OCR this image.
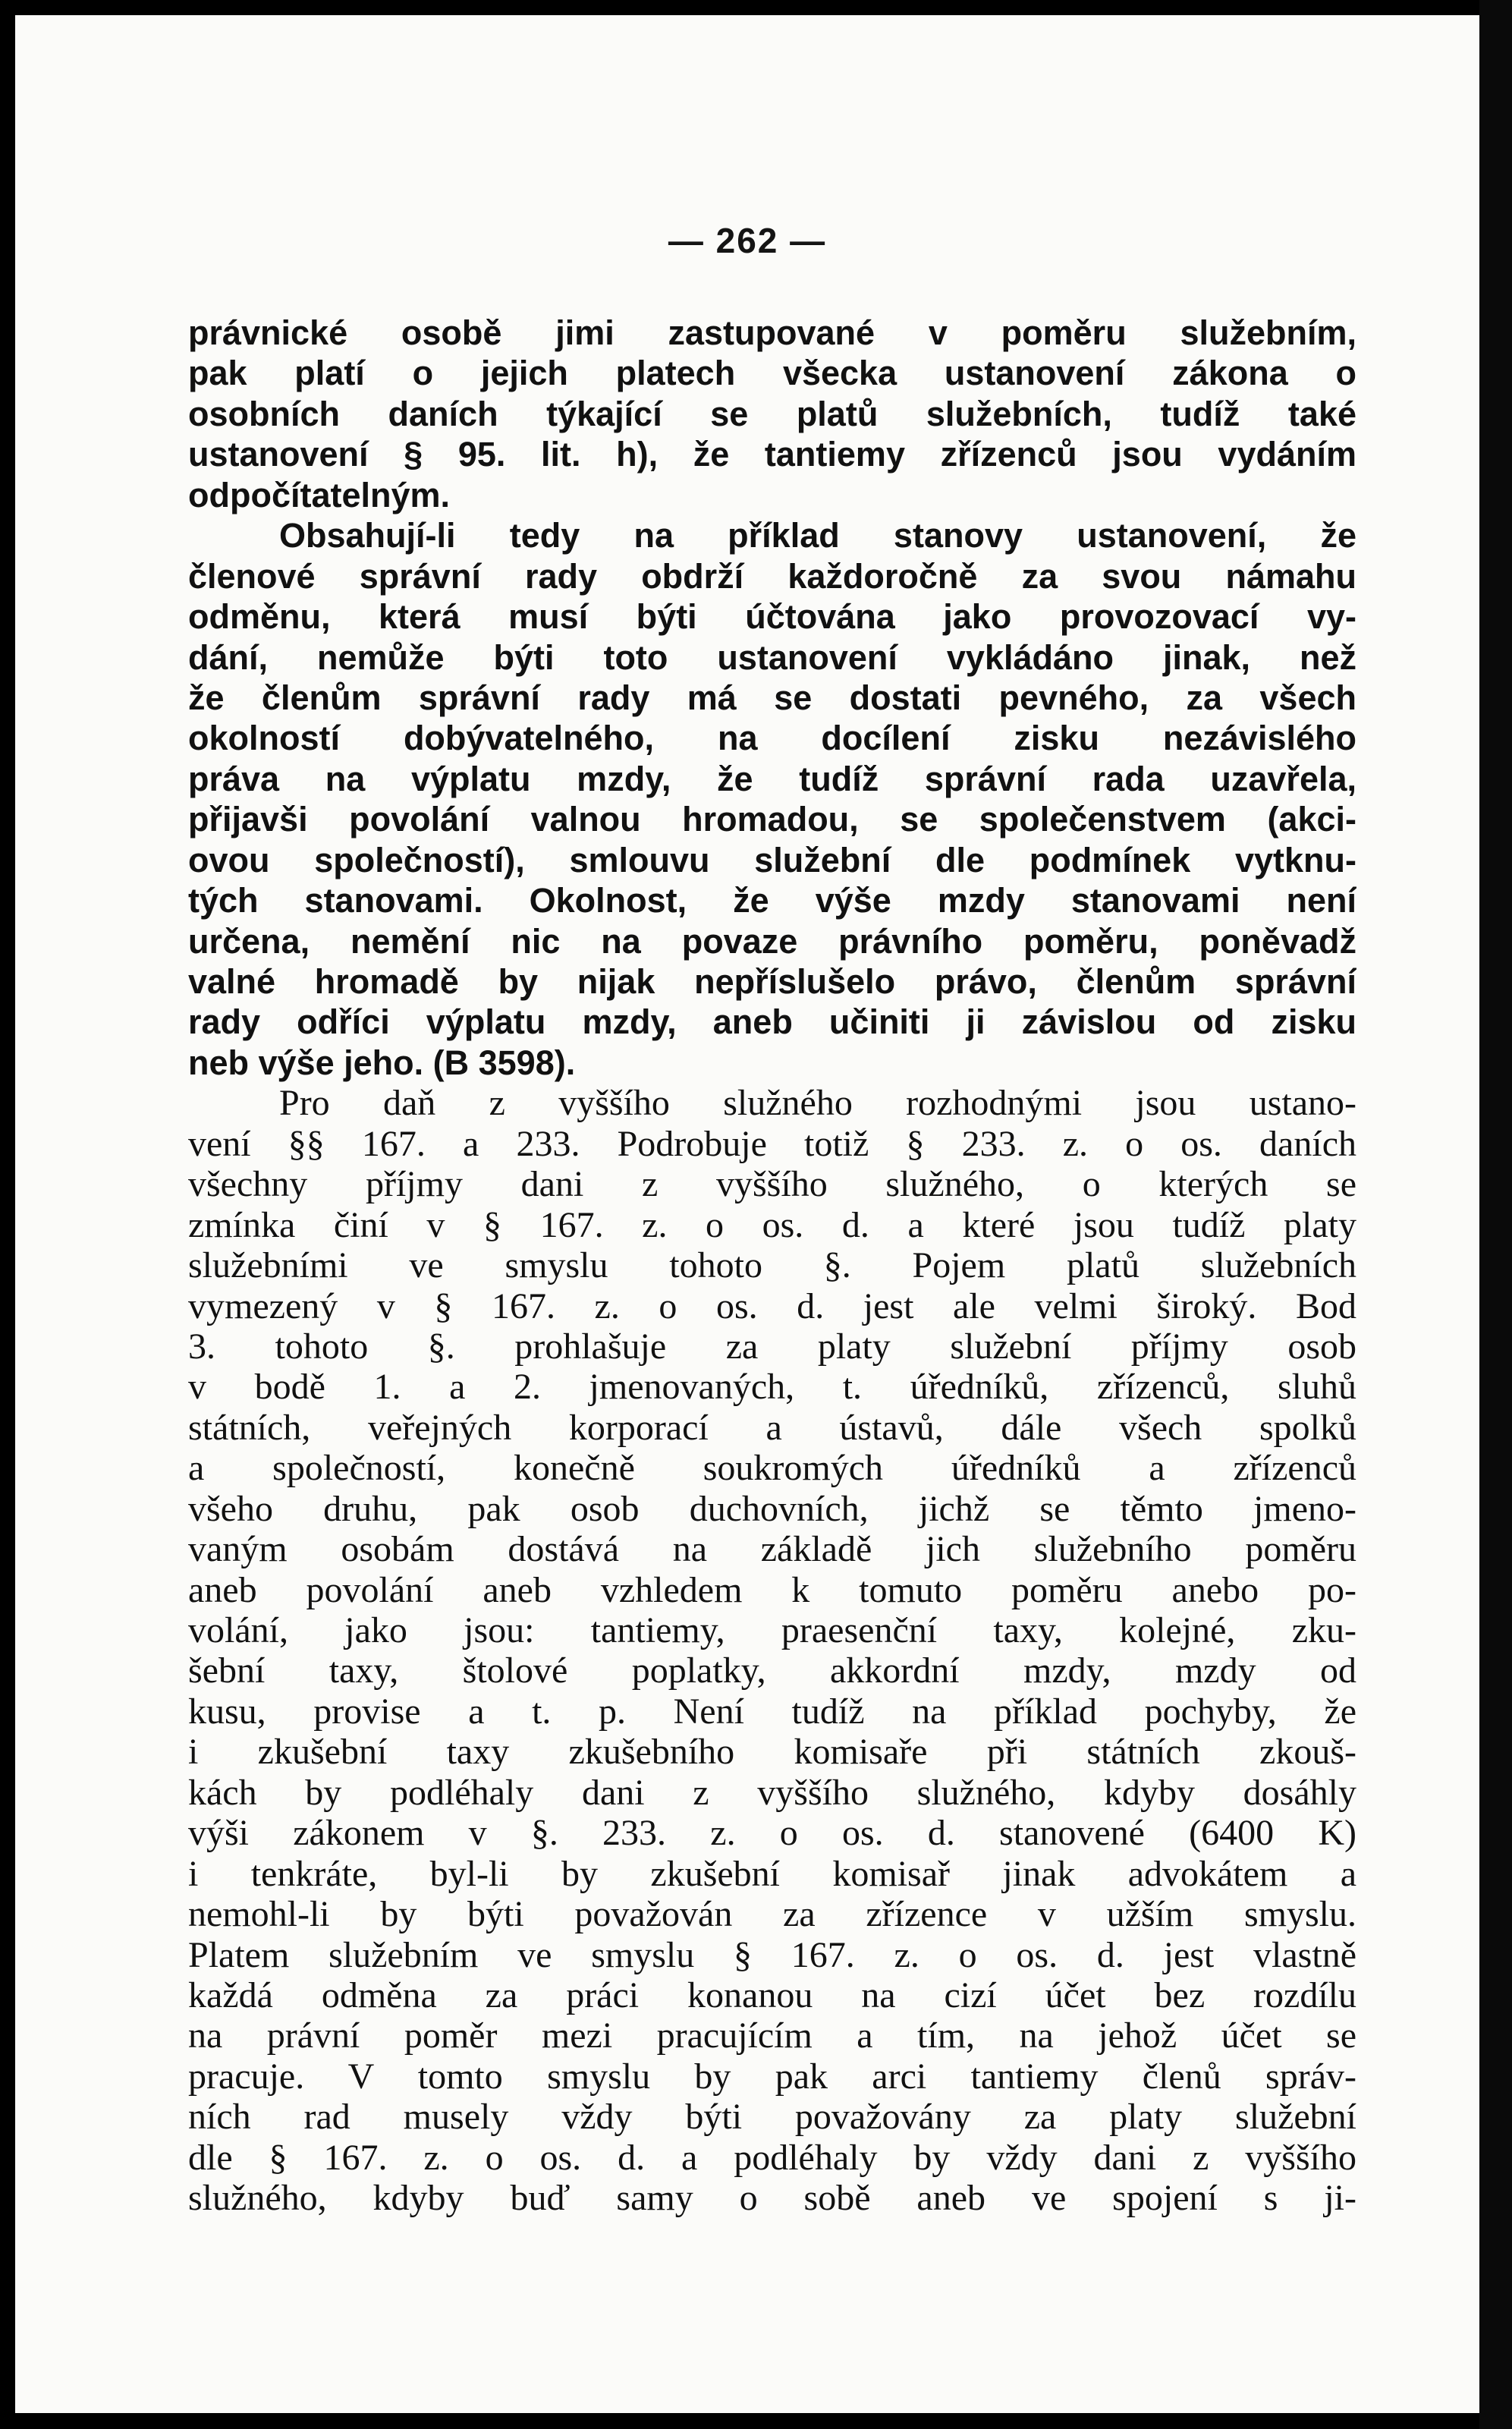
— 262 —
právnické osobě jimi zastupované v poměru služebním,
pak platí o jejich platech všecka ustanovení zákona o
osobních daních týkající se platů služebních, tudíž také
ustanovení § 95. lit. h), že tantiemy zřízenců jsou vydáním
odpočítatelným.
Obsahují-li tedy na příklad stanovy ustanovení, že
členové správní rady obdrží každoročně za svou námahu
odměnu, která musí býti účtována jako provozovací vy-
dání, nemůže býti toto ustanovení vykládáno jinak, než
že členům správní rady má se dostati pevného, za všech
okolností dobývatelného, na docílení zisku nezávislého
práva na výplatu mzdy, že tudíž správní rada uzavřela,
přijavši povolání valnou hromadou, se společenstvem (akci-
ovou společností), smlouvu služební dle podmínek vytknu-
tých stanovami. Okolnost, že výše mzdy stanovami není
určena, nemění nic na povaze právního poměru, poněvadž
valné hromadě by nijak nepříslušelo právo, členům správní
rady odříci výplatu mzdy, aneb učiniti ji závislou od zisku
neb výše jeho. (B 3598).
Pro daň z vyššího služného rozhodnými jsou ustano-
vení §§ 167. a 233. Podrobuje totiž § 233. z. o os. daních
všechny příjmy dani z vyššího služného, o kterých se
zmínka činí v § 167. z. o os. d. a které jsou tudíž platy
služebními ve smyslu tohoto §. Pojem platů služebních
vymezený v § 167. z. o os. d. jest ale velmi široký. Bod
3. tohoto §. prohlašuje za platy služební příjmy osob
v bodě 1. a 2. jmenovaných, t. úředníků, zřízenců, sluhů
státních, veřejných korporací a ústavů, dále všech spolků
a společností, konečně soukromých úředníků a zřízenců
všeho druhu, pak osob duchovních, jichž se těmto jmeno-
vaným osobám dostává na základě jich služebního poměru
aneb povolání aneb vzhledem k tomuto poměru anebo po-
volání, jako jsou: tantiemy, praesenční taxy, kolejné, zku-
šební taxy, štolové poplatky, akkordní mzdy, mzdy od
kusu, provise a t. p. Není tudíž na příklad pochyby, že
i zkušební taxy zkušebního komisaře při státních zkouš-
kách by podléhaly dani z vyššího služného, kdyby dosáhly
výši zákonem v §. 233. z. o os. d. stanovené (6400 K)
i tenkráte, byl-li by zkušební komisař jinak advokátem a
nemohl-li by býti považován za zřízence v užším smyslu.
Platem služebním ve smyslu § 167. z. o os. d. jest vlastně
každá odměna za práci konanou na cizí účet bez rozdílu
na právní poměr mezi pracujícím a tím, na jehož účet se
pracuje. V tomto smyslu by pak arci tantiemy členů správ-
ních rad musely vždy býti považovány za platy služební
dle § 167. z. o os. d. a podléhaly by vždy dani z vyššího
služného, kdyby buď samy o sobě aneb ve spojení s ji-
